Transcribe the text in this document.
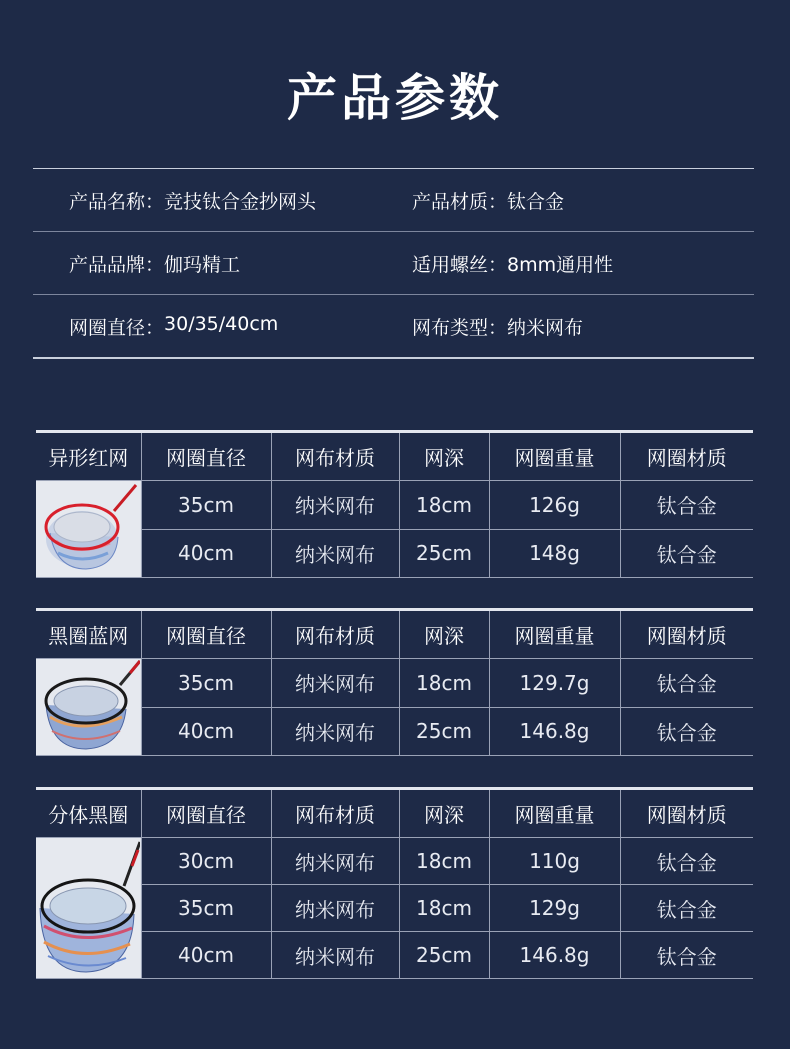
产品参数
产品名称： 竞技钛合金抄网头	产品材质： 钛合金
产品品牌： 伽玛精工	适用螺丝： 8mm通用性
网圈直径： 30/35/40cm	网布类型： 纳米网布
异形红网	网圈直径	网布材质	网深	网圈重量	网圈材质

	35cm	纳米网布	18cm	126g	钛合金
	40cm	纳米网布	25cm	148g	钛合金
黑圈蓝网	网圈直径	网布材质	网深	网圈重量	网圈材质

	35cm	纳米网布	18cm	129.7g	钛合金
	40cm	纳米网布	25cm	146.8g	钛合金
分体黑圈	网圈直径	网布材质	网深	网圈重量	网圈材质

	30cm	纳米网布	18cm	110g	钛合金
	35cm	纳米网布	18cm	129g	钛合金
	40cm	纳米网布	25cm	146.8g	钛合金
